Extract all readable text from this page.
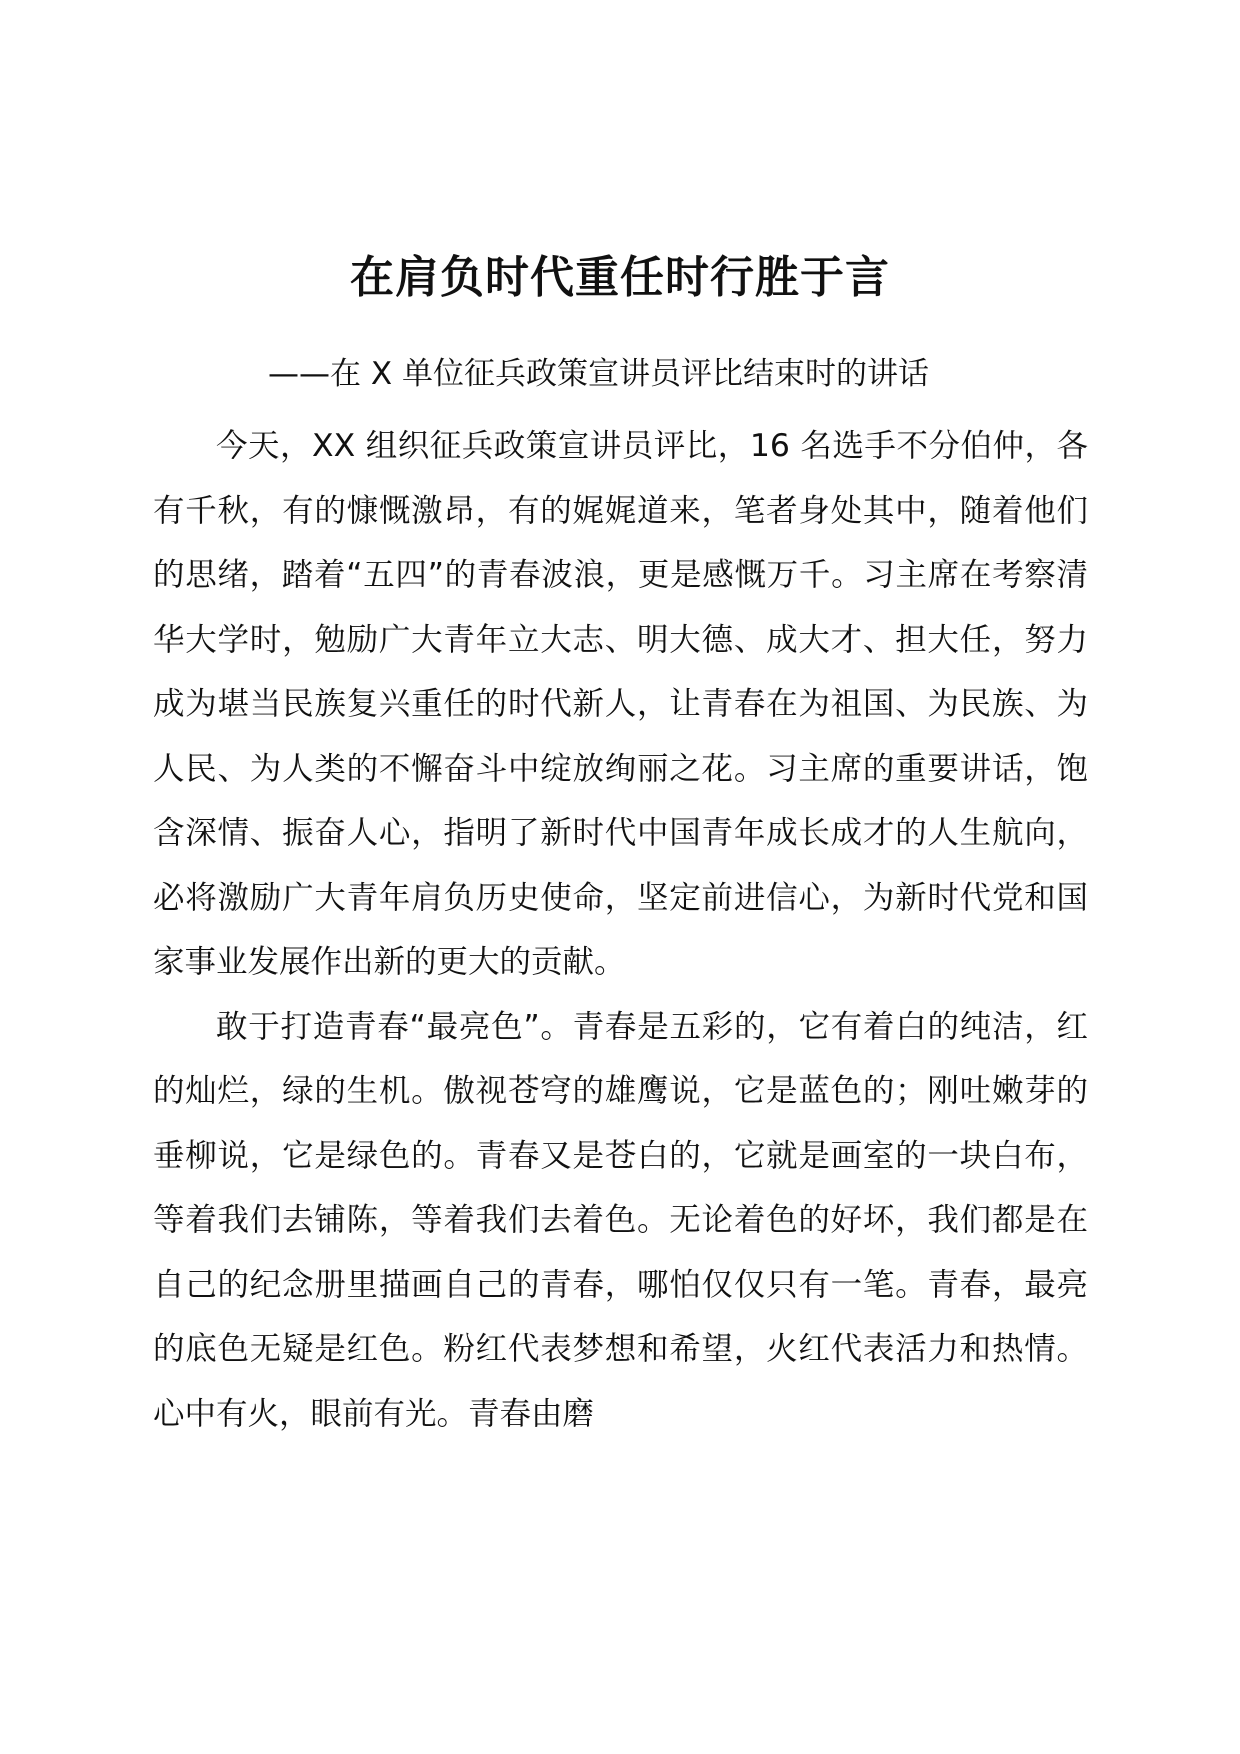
在肩负时代重任时行胜于言

——在 X 单位征兵政策宣讲员评比结束时的讲话

今天，XX 组织征兵政策宣讲员评比，16 名选手不分伯仲，各有千秋，有的慷慨激昂，有的娓娓道来，笔者身处其中，随着他们的思绪，踏着“五四”的青春波浪，更是感慨万千。习主席在考察清华大学时，勉励广大青年立大志、明大德、成大才、担大任，努力成为堪当民族复兴重任的时代新人，让青春在为祖国、为民族、为人民、为人类的不懈奋斗中绽放绚丽之花。习主席的重要讲话，饱含深情、振奋人心，指明了新时代中国青年成长成才的人生航向，必将激励广大青年肩负历史使命，坚定前进信心，为新时代党和国家事业发展作出新的更大的贡献。

敢于打造青春“最亮色”。青春是五彩的，它有着白的纯洁，红的灿烂，绿的生机。傲视苍穹的雄鹰说，它是蓝色的；刚吐嫩芽的垂柳说，它是绿色的。青春又是苍白的，它就是画室的一块白布，等着我们去铺陈，等着我们去着色。无论着色的好坏，我们都是在自己的纪念册里描画自己的青春，哪怕仅仅只有一笔。青春，最亮的底色无疑是红色。粉红代表梦想和希望，火红代表活力和热情。心中有火，眼前有光。青春由磨
